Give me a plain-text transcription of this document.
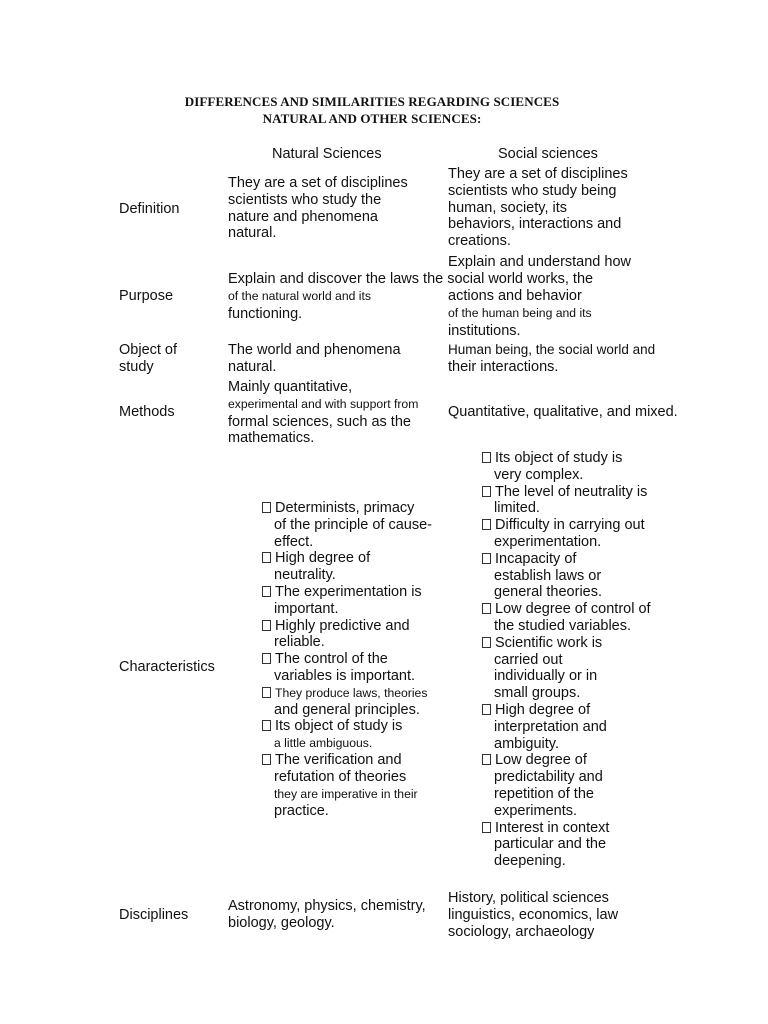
DIFFERENCES AND SIMILARITIES REGARDING SCIENCES
NATURAL AND OTHER SCIENCES:
Natural Sciences	Social sciences
Definition
They are a set of disciplines
scientists who study the
nature and phenomena
natural.
They are a set of disciplines
scientists who study being
human, society, its
behaviors, interactions and
creations.
Purpose
Explain and understand how
Explain and discover the laws the social world works, the
of the natural world and its
functioning.
actions and behavior
of the human being and its
institutions.
Object of
study
The world and phenomena
natural.
Human being, the social world and
their interactions.
Methods
Mainly quantitative,
experimental and with support from
formal sciences, such as the
mathematics.
Quantitative, qualitative, and mixed.
Characteristics
Determinists, primacy
of the principle of cause-
effect.
High degree of
neutrality.
The experimentation is
important.
Highly predictive and
reliable.
The control of the
variables is important.
They produce laws, theories
and general principles.
Its object of study is
a little ambiguous.
The verification and
refutation of theories
they are imperative in their
practice.
Its object of study is
very complex.
The level of neutrality is
limited.
Difficulty in carrying out
experimentation.
Incapacity of
establish laws or
general theories.
Low degree of control of
the studied variables.
Scientific work is
carried out
individually or in
small groups.
High degree of
interpretation and
ambiguity.
Low degree of
predictability and
repetition of the
experiments.
Interest in context
particular and the
deepening.
Disciplines
Astronomy, physics, chemistry,
biology, geology.
History, political sciences
linguistics, economics, law
sociology, archaeology
